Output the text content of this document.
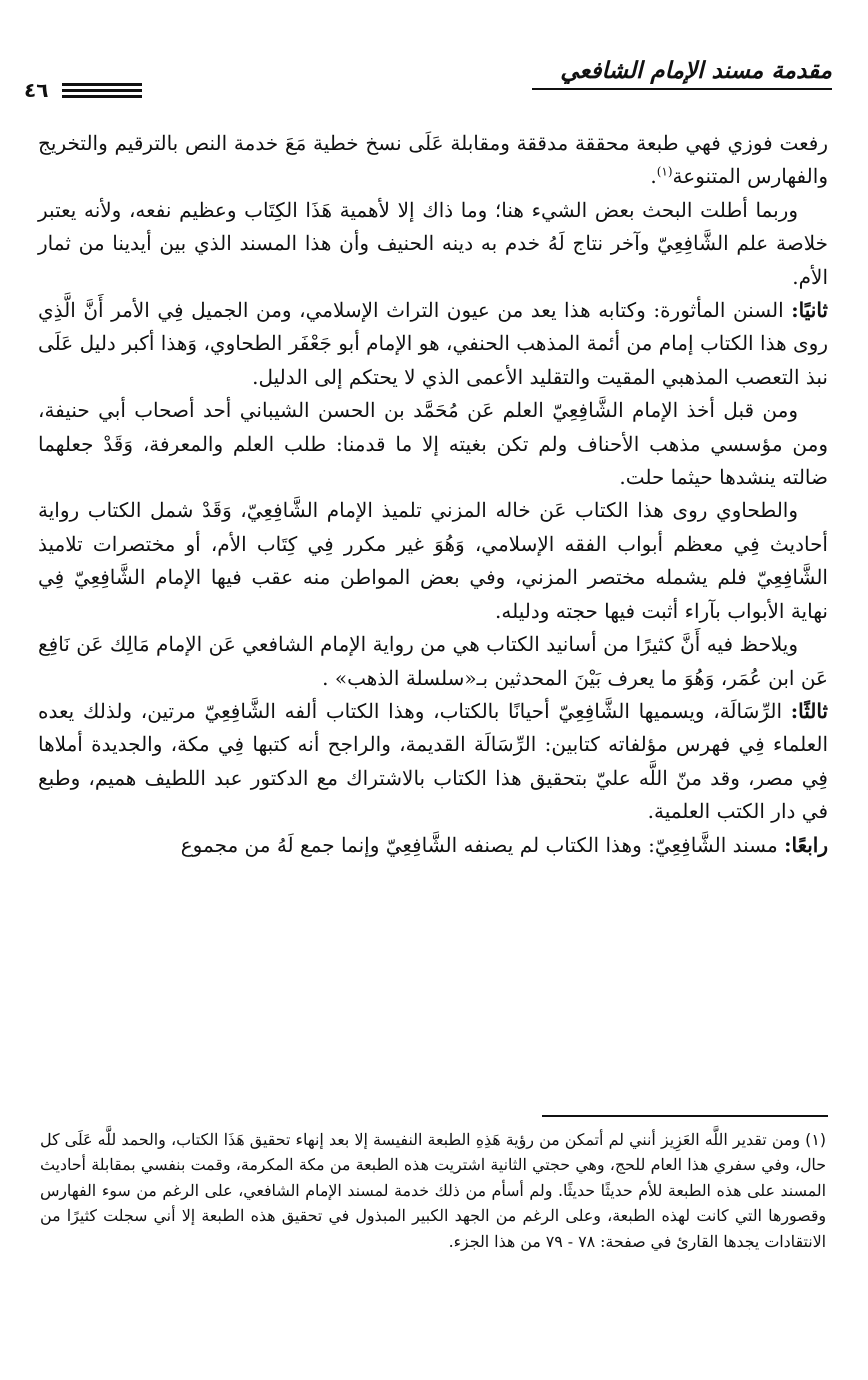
مقدمة مسند الإمام الشافعي
٤٦

رفعت فوزي فهي طبعة محققة مدققة ومقابلة عَلَى نسخ خطية مَعَ خدمة النص بالترقيم والتخريج والفهارس المتنوعة$^{(١)}$.

وربما أطلت البحث بعض الشيء هنا؛ وما ذاك إلا لأهمية هَذَا الكِتَاب وعظيم نفعه، ولأنه يعتبر خلاصة علم الشَّافِعِيّ وآخر نتاج لَهُ خدم به دينه الحنيف وأن هذا المسند الذي بين أيدينا من ثمار الأم.

ثانيًا: السنن المأثورة: وكتابه هذا يعد من عيون التراث الإسلامي، ومن الجميل فِي الأمر أَنَّ الَّذِي روى هذا الكتاب إمام من أئمة المذهب الحنفي، هو الإمام أبو جَعْفَر الطحاوي، وَهذا أكبر دليل عَلَى نبذ التعصب المذهبي المقيت والتقليد الأعمى الذي لا يحتكم إلى الدليل.

ومن قبل أخذ الإمام الشَّافِعِيّ العلم عَن مُحَمَّد بن الحسن الشيباني أحد أصحاب أبي حنيفة، ومن مؤسسي مذهب الأحناف ولم تكن بغيته إلا ما قدمنا: طلب العلم والمعرفة، وَقَدْ جعلهما ضالته ينشدها حيثما حلت.

والطحاوي روى هذا الكتاب عَن خاله المزني تلميذ الإمام الشَّافِعِيّ، وَقَدْ شمل الكتاب رواية أحاديث فِي معظم أبواب الفقه الإسلامي، وَهُوَ غير مكرر فِي كِتَاب الأم، أو مختصرات تلاميذ الشَّافِعِيّ فلم يشمله مختصر المزني، وفي بعض المواطن منه عقب فيها الإمام الشَّافِعِيّ فِي نهاية الأبواب بآراء أثبت فيها حجته ودليله.

ويلاحظ فيه أَنَّ كثيرًا من أسانيد الكتاب هي من رواية الإمام الشافعي عَن الإمام مَالِك عَن نَافِع عَن ابن عُمَر، وَهُوَ ما يعرف بَيْنَ المحدثين بـ«سلسلة الذهب» .

ثالثًا: الرِّسَالَة، ويسميها الشَّافِعِيّ أحيانًا بالكتاب، وهذا الكتاب ألفه الشَّافِعِيّ مرتين، ولذلك يعده العلماء فِي فهرس مؤلفاته كتابين: الرِّسَالَة القديمة، والراجح أنه كتبها فِي مكة، والجديدة أملاها فِي مصر، وقد منّ اللَّه عليّ بتحقيق هذا الكتاب بالاشتراك مع الدكتور عبد اللطيف هميم، وطبع في دار الكتب العلمية.

رابعًا: مسند الشَّافِعِيّ: وهذا الكتاب لم يصنفه الشَّافِعِيّ وإنما جمع لَهُ من مجموع

(١) ومن تقدير اللَّه العَزِيز أنني لم أتمكن من رؤية هَذِهِ الطبعة النفيسة إلا بعد إنهاء تحقيق هَذَا الكتاب، والحمد للَّه عَلَى كل حال، وفي سفري هذا العام للحج، وهي حجتي الثانية اشتريت هذه الطبعة من مكة المكرمة، وقمت بنفسي بمقابلة أحاديث المسند على هذه الطبعة للأم حديثًا حديثًا. ولم أسأم من ذلك خدمة لمسند الإمام الشافعي، على الرغم من سوء الفهارس وقصورها التي كانت لهذه الطبعة، وعلى الرغم من الجهد الكبير المبذول في تحقيق هذه الطبعة إلا أني سجلت كثيرًا من الانتقادات يجدها القارئ في صفحة: ٧٨ - ٧٩ من هذا الجزء.
